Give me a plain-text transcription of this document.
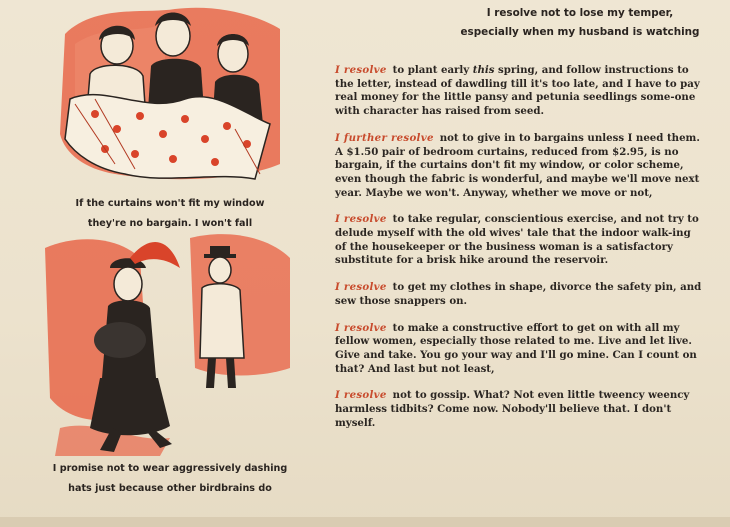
I resolve not to lose my temper,
especially when my husband is watching
If the curtains won't fit my window
they're no bargain. I won't fall
I promise not to wear aggressively dashing
hats just because other birdbrains do

I resolve to plant early this spring, and follow instructions to the letter, instead of dawdling till it's too late, and I have to pay real money for the little pansy and petunia seedlings some-one with character has raised from seed.

I further resolve not to give in to bargains unless I need them. A $1.50 pair of bedroom curtains, reduced from $2.95, is no bargain, if the curtains don't fit my window, or color scheme, even though the fabric is wonderful, and maybe we'll move next year. Maybe we won't. Anyway, whether we move or not,

I resolve to take regular, conscientious exercise, and not try to delude myself with the old wives' tale that the indoor walk-ing of the housekeeper or the business woman is a satisfactory substitute for a brisk hike around the reservoir.

I resolve to get my clothes in shape, divorce the safety pin, and sew those snappers on.

I resolve to make a constructive effort to get on with all my fellow women, especially those related to me. Live and let live. Give and take. You go your way and I'll go mine. Can I count on that? And last but not least,

I resolve not to gossip. What? Not even little tweency weency harmless tidbits? Come now. Nobody'll believe that. I don't myself.
